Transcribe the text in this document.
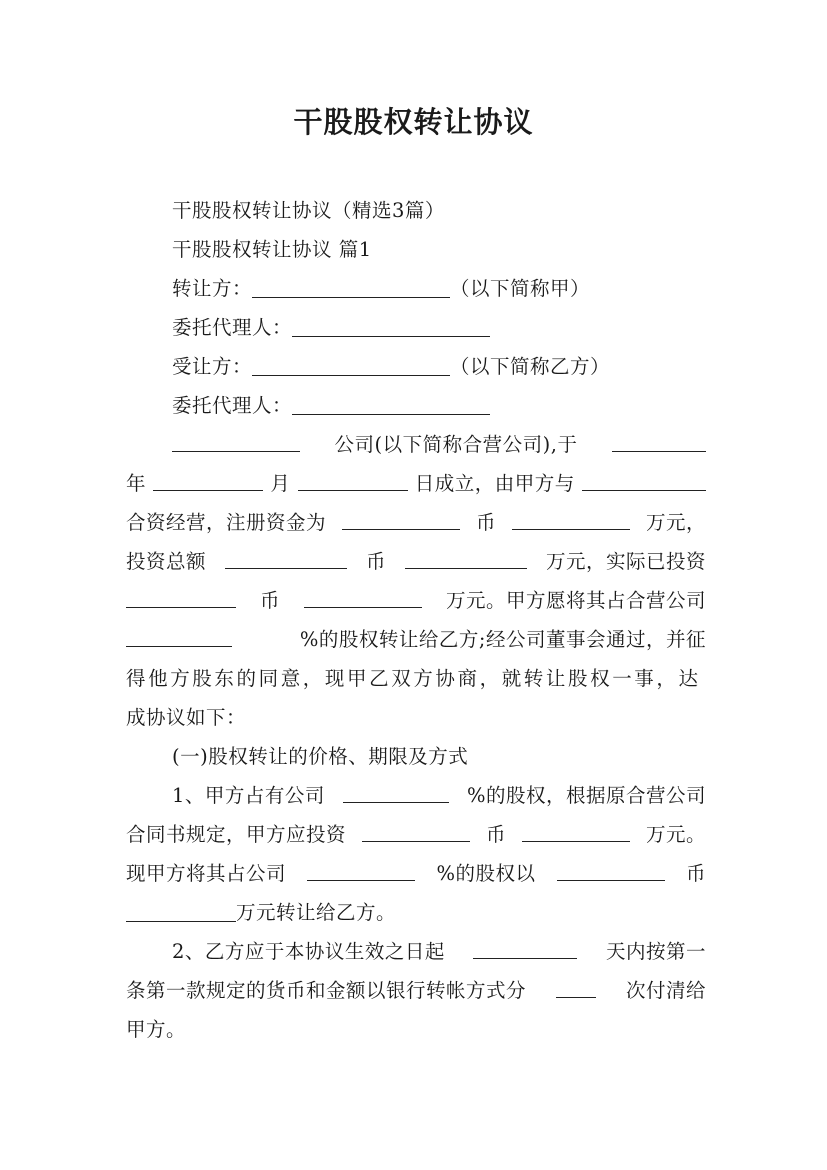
干股股权转让协议
干股股权转让协议（精选3篇）
干股股权转让协议 篇1
转让方：	（以下简称甲）
委托代理人：
受让方：	（以下简称乙方）
委托代理人：
公司(以下简称合营公司),于
年	月	日成立，由甲方与
合资经营，注册资金为	币	万元，
投资总额	币	万元，实际已投资
币	万元。甲方愿将其占合营公司
%的股权转让给乙方;经公司董事会通过，并征
得他方股东的同意，现甲乙双方协商，就转让股权一事，达
成协议如下：
(一)股权转让的价格、期限及方式
1、甲方占有公司	%的股权，根据原合营公司
合同书规定，甲方应投资	币	万元。
现甲方将其占公司	%的股权以	币
万元转让给乙方。
2、乙方应于本协议生效之日起	天内按第一
条第一款规定的货币和金额以银行转帐方式分	次付清给
甲方。
